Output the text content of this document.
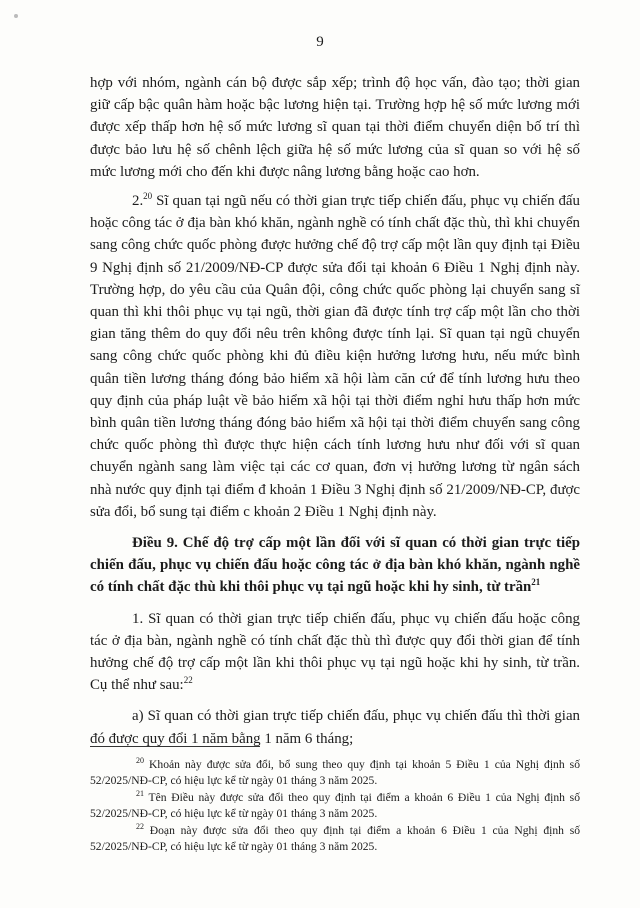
9

hợp với nhóm, ngành cán bộ được sắp xếp; trình độ học vấn, đào tạo; thời gian giữ cấp bậc quân hàm hoặc bậc lương hiện tại. Trường hợp hệ số mức lương mới được xếp thấp hơn hệ số mức lương sĩ quan tại thời điểm chuyển diện bố trí thì được bảo lưu hệ số chênh lệch giữa hệ số mức lương của sĩ quan so với hệ số mức lương mới cho đến khi được nâng lương bằng hoặc cao hơn.

2.20 Sĩ quan tại ngũ nếu có thời gian trực tiếp chiến đấu, phục vụ chiến đấu hoặc công tác ở địa bàn khó khăn, ngành nghề có tính chất đặc thù, thì khi chuyển sang công chức quốc phòng được hưởng chế độ trợ cấp một lần quy định tại Điều 9 Nghị định số 21/2009/NĐ-CP được sửa đổi tại khoản 6 Điều 1 Nghị định này. Trường hợp, do yêu cầu của Quân đội, công chức quốc phòng lại chuyển sang sĩ quan thì khi thôi phục vụ tại ngũ, thời gian đã được tính trợ cấp một lần cho thời gian tăng thêm do quy đổi nêu trên không được tính lại. Sĩ quan tại ngũ chuyển sang công chức quốc phòng khi đủ điều kiện hưởng lương hưu, nếu mức bình quân tiền lương tháng đóng bảo hiểm xã hội làm căn cứ để tính lương hưu theo quy định của pháp luật về bảo hiểm xã hội tại thời điểm nghỉ hưu thấp hơn mức bình quân tiền lương tháng đóng bảo hiểm xã hội tại thời điểm chuyển sang công chức quốc phòng thì được thực hiện cách tính lương hưu như đối với sĩ quan chuyển ngành sang làm việc tại các cơ quan, đơn vị hưởng lương từ ngân sách nhà nước quy định tại điểm đ khoản 1 Điều 3 Nghị định số 21/2009/NĐ-CP, được sửa đổi, bổ sung tại điểm c khoản 2 Điều 1 Nghị định này.

Điều 9. Chế độ trợ cấp một lần đối với sĩ quan có thời gian trực tiếp chiến đấu, phục vụ chiến đấu hoặc công tác ở địa bàn khó khăn, ngành nghề có tính chất đặc thù khi thôi phục vụ tại ngũ hoặc khi hy sinh, từ trần$^{21}$

1. Sĩ quan có thời gian trực tiếp chiến đấu, phục vụ chiến đấu hoặc công tác ở địa bàn, ngành nghề có tính chất đặc thù thì được quy đổi thời gian để tính hưởng chế độ trợ cấp một lần khi thôi phục vụ tại ngũ hoặc khi hy sinh, từ trần. Cụ thể như sau:$^{22}$

a) Sĩ quan có thời gian trực tiếp chiến đấu, phục vụ chiến đấu thì thời gian đó được quy đổi 1 năm bằng 1 năm 6 tháng;

$^{20}$ Khoản này được sửa đổi, bổ sung theo quy định tại khoản 5 Điều 1 của Nghị định số 52/2025/NĐ-CP, có hiệu lực kể từ ngày 01 tháng 3 năm 2025.

$^{21}$ Tên Điều này được sửa đổi theo quy định tại điểm a khoản 6 Điều 1 của Nghị định số 52/2025/NĐ-CP, có hiệu lực kể từ ngày 01 tháng 3 năm 2025.

$^{22}$ Đoạn này được sửa đổi theo quy định tại điểm a khoản 6 Điều 1 của Nghị định số 52/2025/NĐ-CP, có hiệu lực kể từ ngày 01 tháng 3 năm 2025.
